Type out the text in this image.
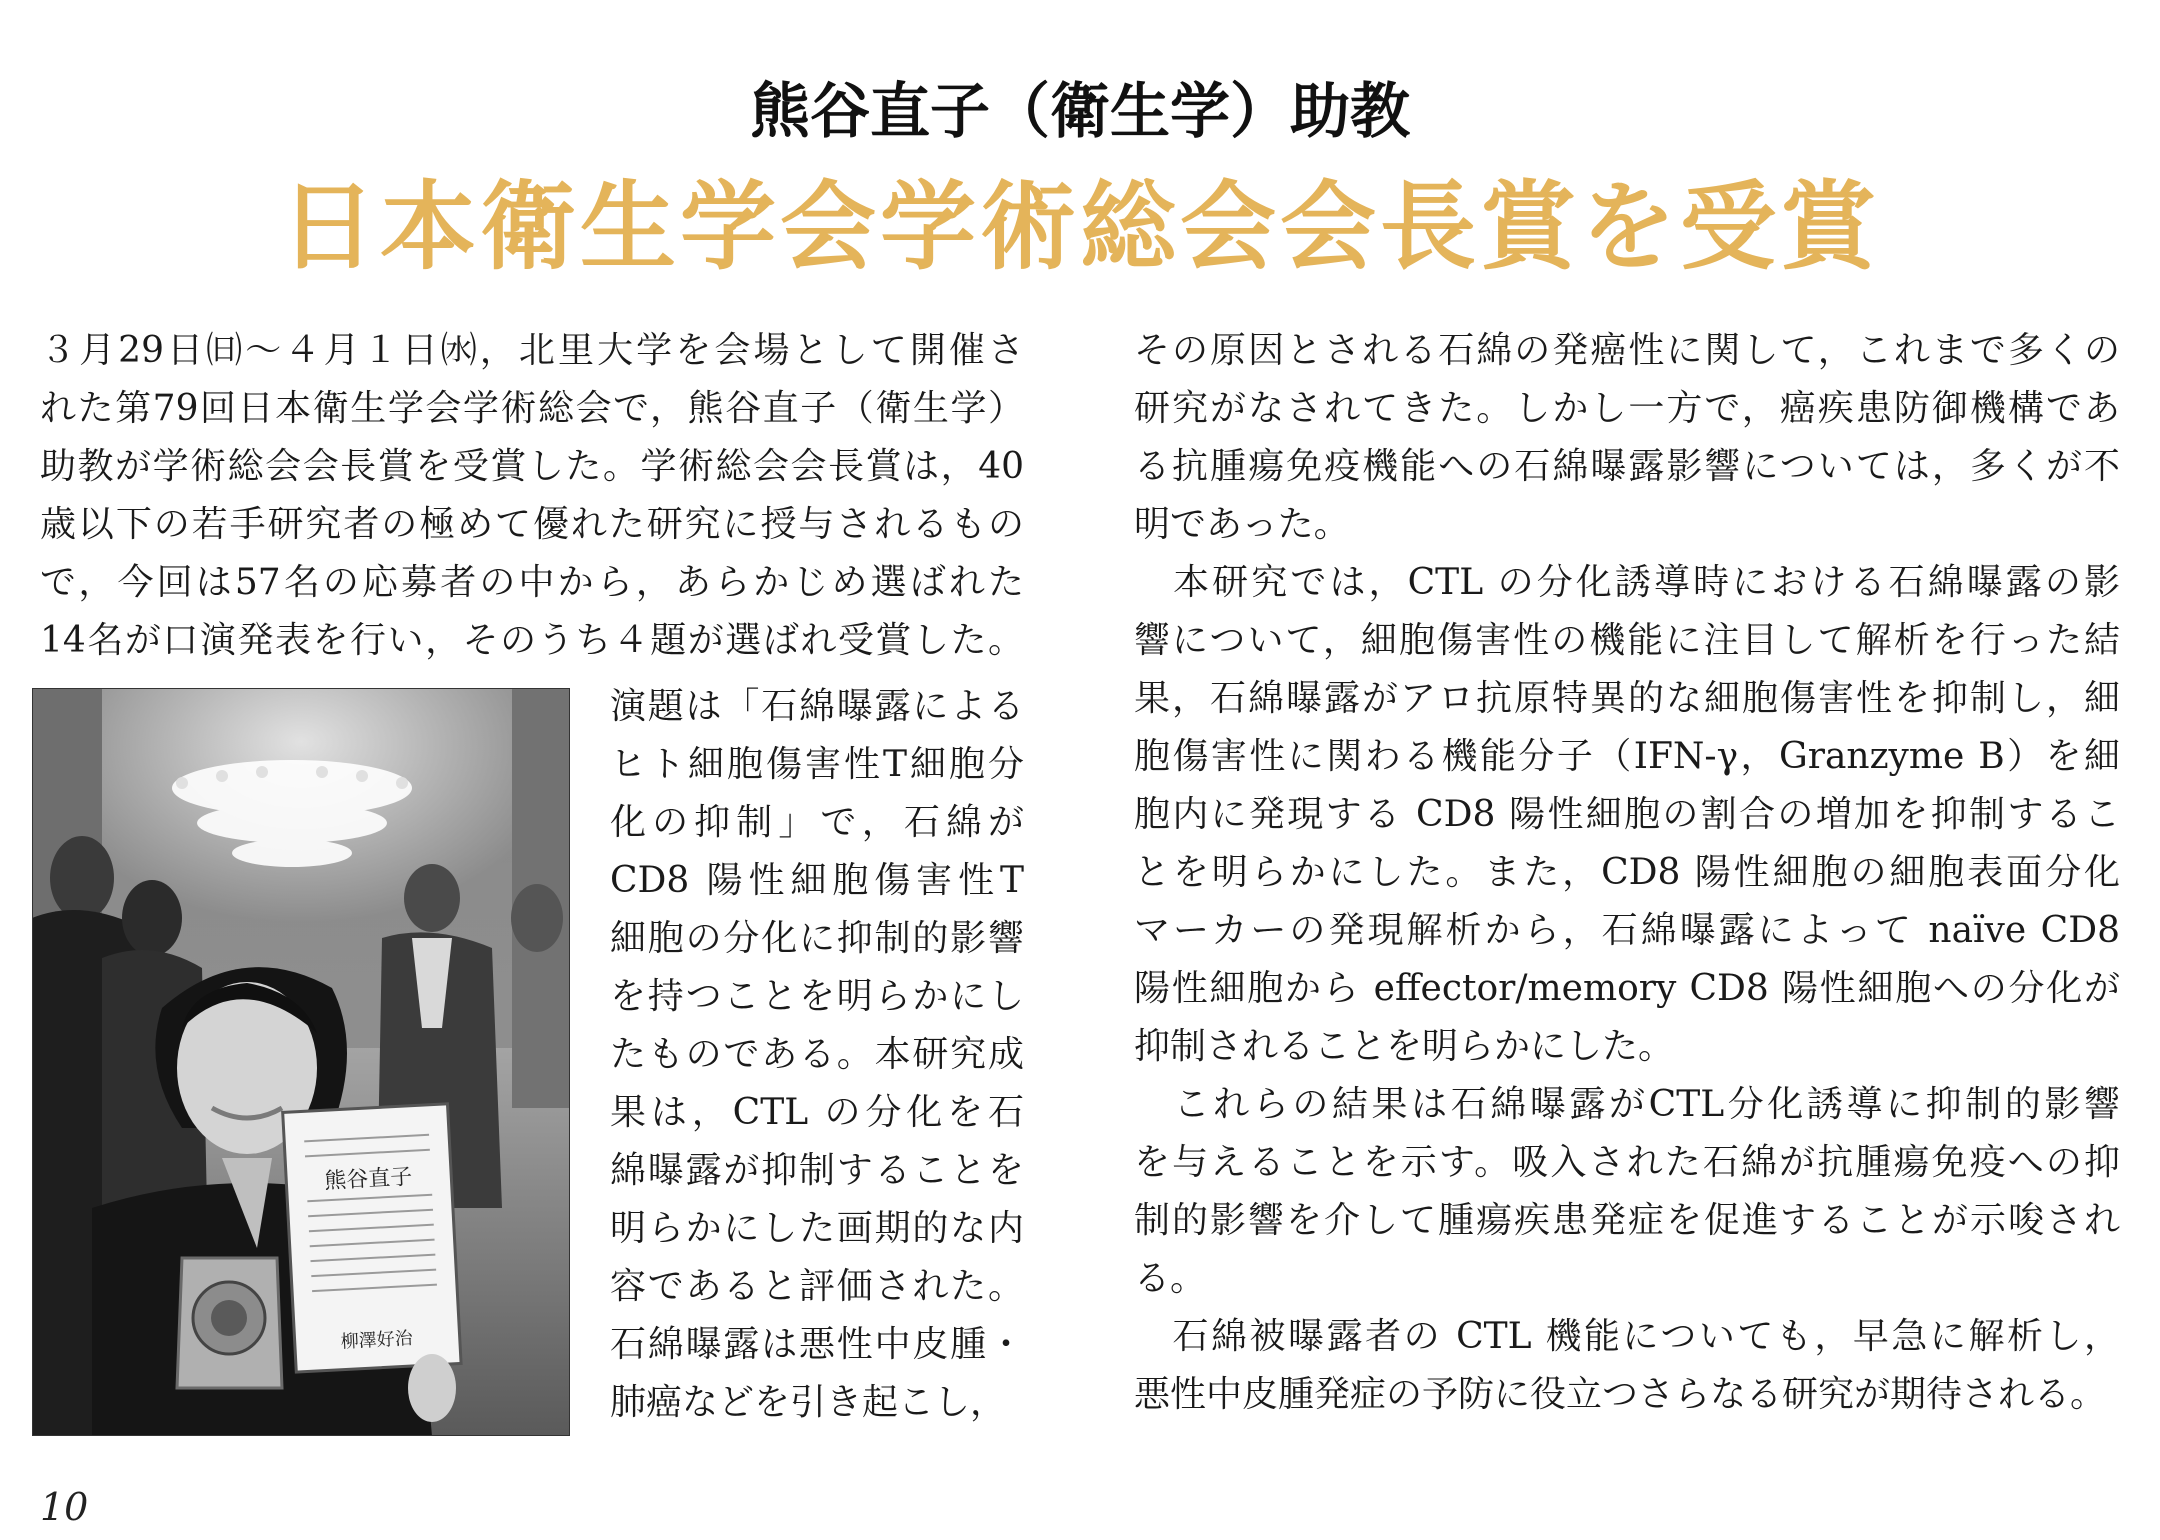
熊谷直子（衛生学）助教
日本衛生学会学術総会会長賞を受賞
３月29日㈰～４月１日㈬，北里大学を会場として開催さ
れた第79回日本衛生学会学術総会で，熊谷直子（衛生学）
助教が学術総会会長賞を受賞した。学術総会会長賞は，40
歳以下の若手研究者の極めて優れた研究に授与されるもの
で，今回は57名の応募者の中から，あらかじめ選ばれた
14名が口演発表を行い，そのうち４題が選ばれ受賞した。
演題は「石綿曝露による
ヒト細胞傷害性T細胞分
化の抑制」で，石綿が
CD8 陽性細胞傷害性T
細胞の分化に抑制的影響
を持つことを明らかにし
たものである。本研究成
果は，CTL の分化を石
綿曝露が抑制することを
明らかにした画期的な内
容であると評価された。
石綿曝露は悪性中皮腫・
肺癌などを引き起こし，
その原因とされる石綿の発癌性に関して，これまで多くの
研究がなされてきた。しかし一方で，癌疾患防御機構であ
る抗腫瘍免疫機能への石綿曝露影響については，多くが不
明であった。
　本研究では，CTL の分化誘導時における石綿曝露の影
響について，細胞傷害性の機能に注目して解析を行った結
果，石綿曝露がアロ抗原特異的な細胞傷害性を抑制し，細
胞傷害性に関わる機能分子（IFN-γ，Granzyme B）を細
胞内に発現する CD8 陽性細胞の割合の増加を抑制するこ
とを明らかにした。また，CD8 陽性細胞の細胞表面分化
マーカーの発現解析から，石綿曝露によって naïve CD8
陽性細胞から effector/memory CD8 陽性細胞への分化が
抑制されることを明らかにした。
　これらの結果は石綿曝露がCTL分化誘導に抑制的影響
を与えることを示す。吸入された石綿が抗腫瘍免疫への抑
制的影響を介して腫瘍疾患発症を促進することが示唆され
る。
　石綿被曝露者の CTL 機能についても，早急に解析し，
悪性中皮腫発症の予防に役立つさらなる研究が期待される。
熊谷直子
柳澤好治
10
